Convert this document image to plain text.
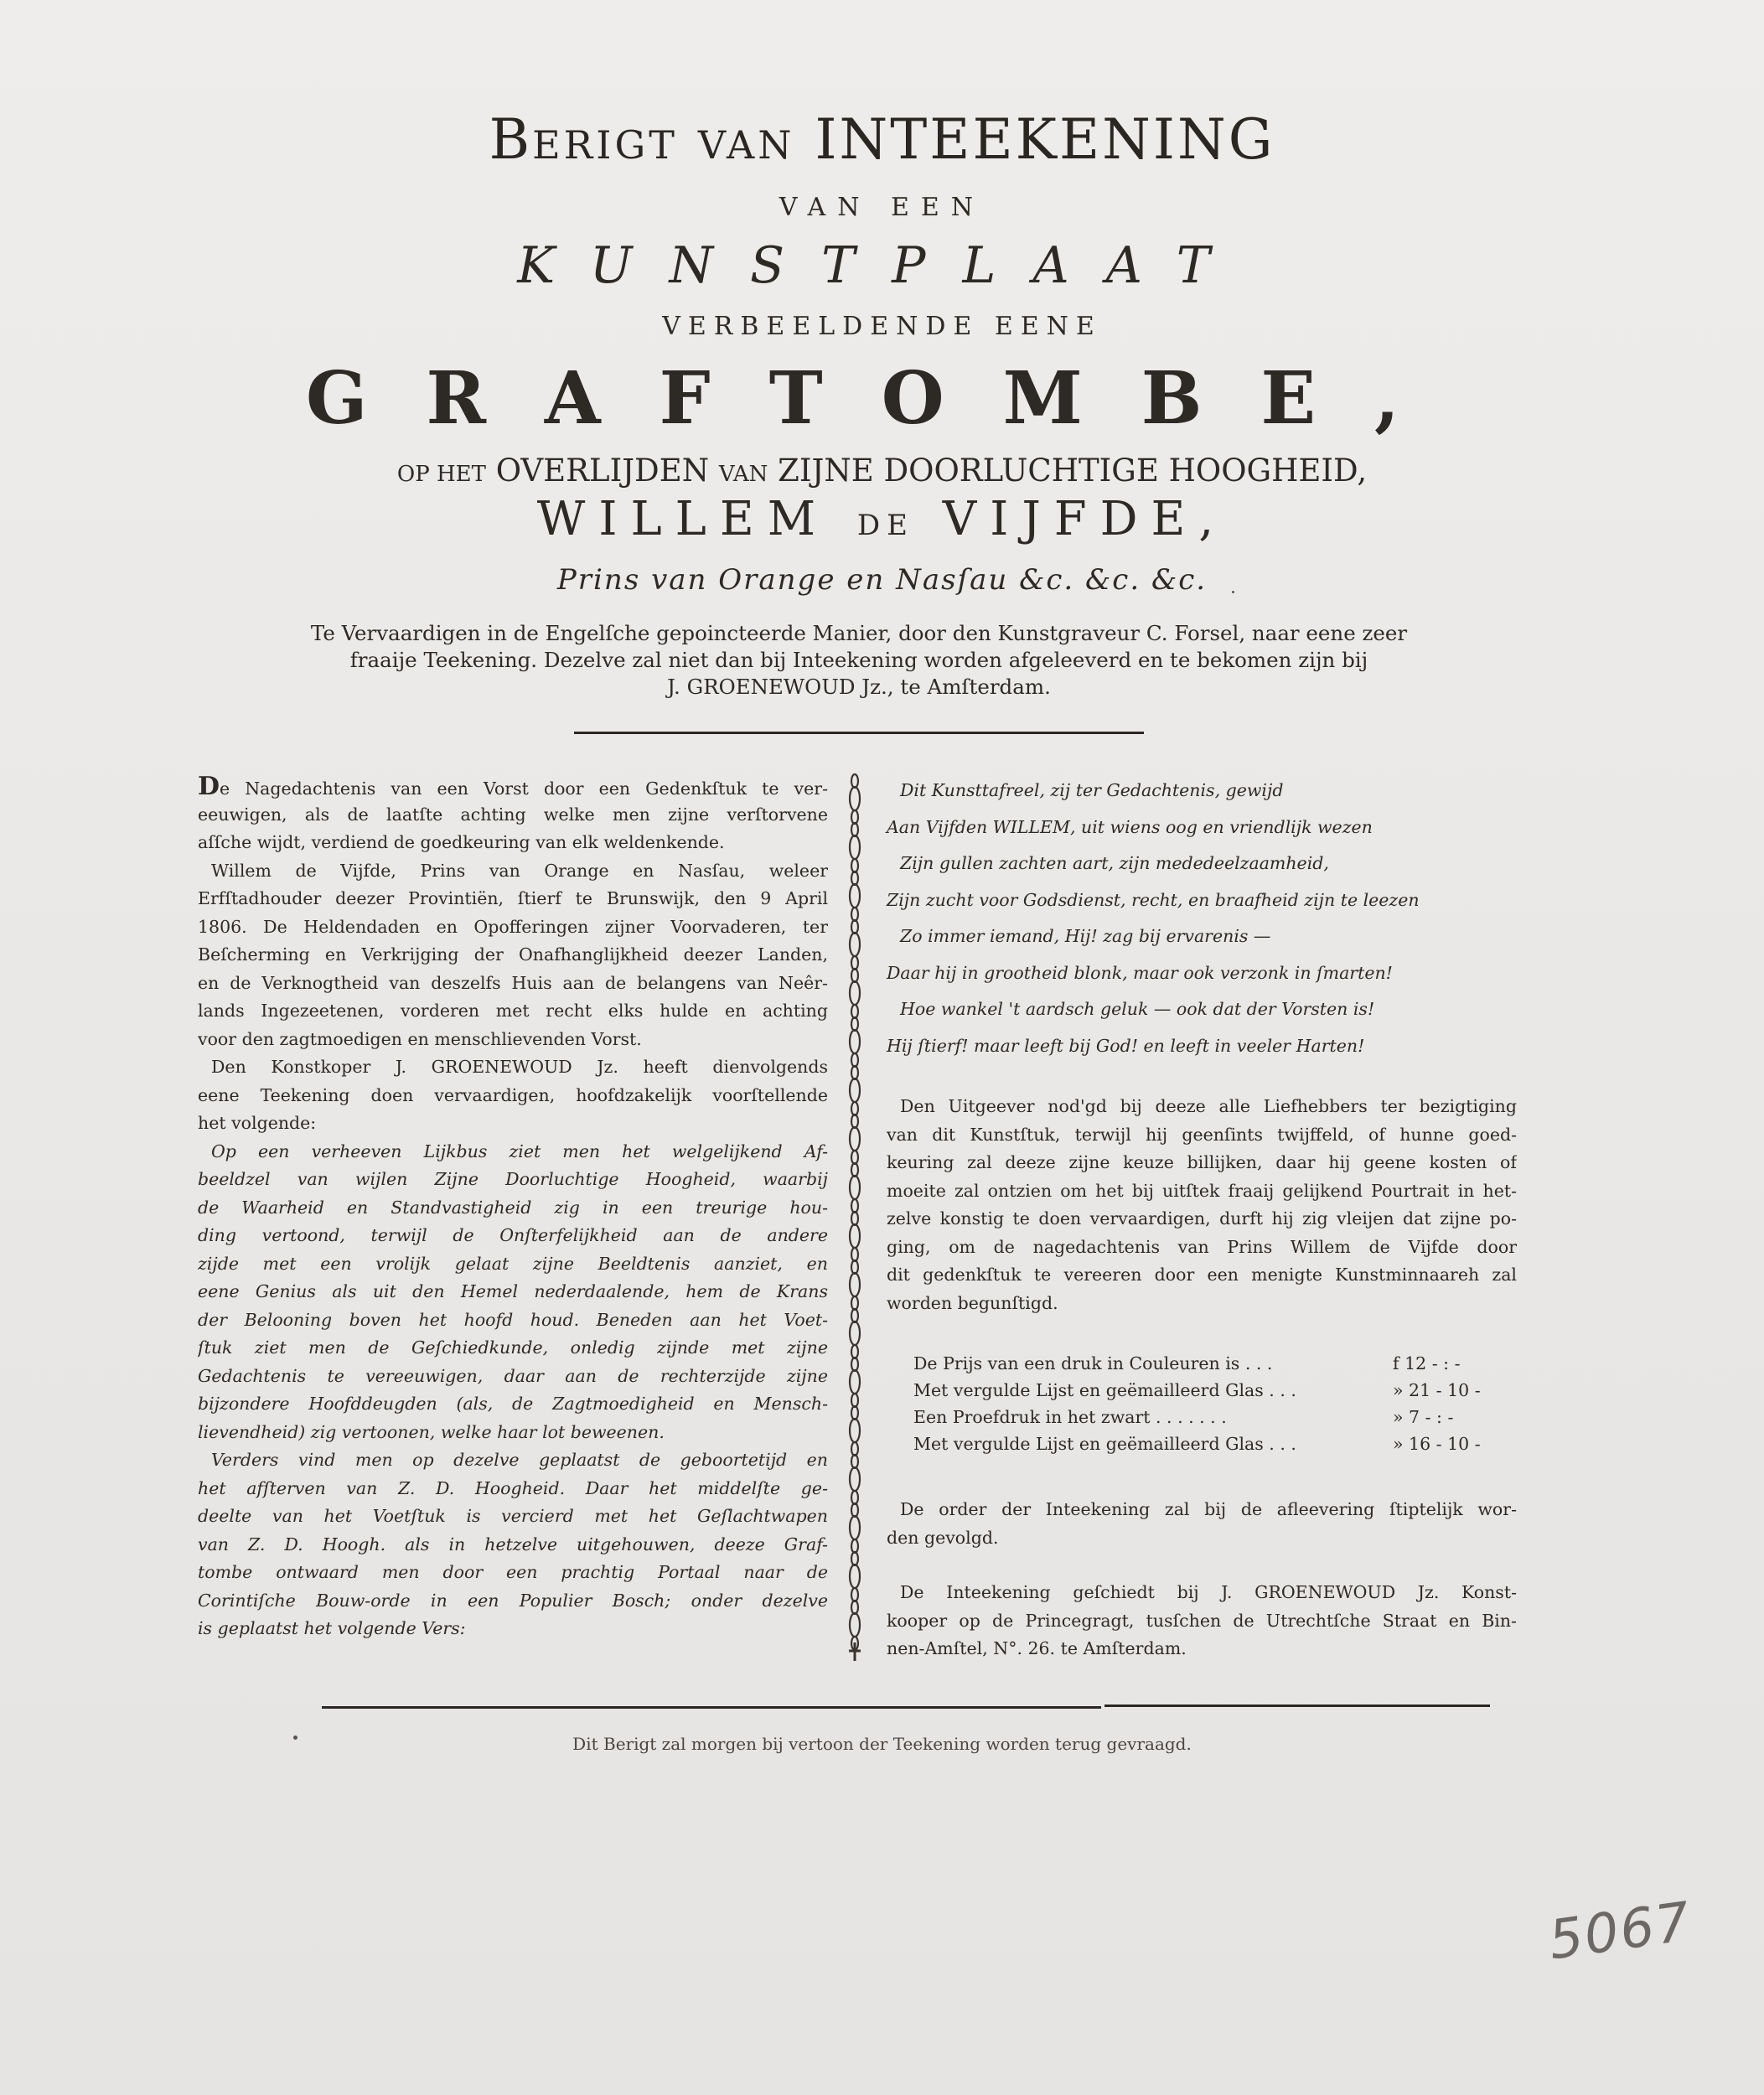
BERIGT VAN INTEEKENING
VAN EEN
KUNSTPLAAT
VERBEELDENDE EENE
GRAFTOMBE,
OP HET OVERLIJDEN VAN ZIJNE DOORLUCHTIGE HOOGHEID,
WILLEM DE VIJFDE,
Prins van Orange en Nasſau &c. &c. &c.
Te Vervaardigen in de Engelſche gepoincteerde Manier, door den Kunstgraveur C. Forsel, naar eene zeer
fraaije Teekening. Dezelve zal niet dan bij Inteekening worden afgeleeverd en te bekomen zijn bij
J. GROENEWOUD Jz., te Amſterdam.
De Nagedachtenis van een Vorst door een Gedenkſtuk te ver-
eeuwigen, als de laatſte achting welke men zijne verſtorvene
aſſche wijdt, verdiend de goedkeuring van elk weldenkende.
Willem de Vijfde, Prins van Orange en Nasſau, weleer
Erfſtadhouder deezer Provintiën, ſtierf te Brunswijk, den 9 April
1806. De Heldendaden en Opofferingen zijner Voorvaderen, ter
Beſcherming en Verkrijging der Onafhanglijkheid deezer Landen,
en de Verknogtheid van deszelfs Huis aan de belangens van Neêr-
lands Ingezeetenen, vorderen met recht elks hulde en achting
voor den zagtmoedigen en menschlievenden Vorst.
Den Konstkoper J. GROENEWOUD Jz. heeft dienvolgends
eene Teekening doen vervaardigen, hoofdzakelijk voorſtellende
het volgende:
Op een verheeven Lijkbus ziet men het welgelijkend Af-
beeldzel van wijlen Zijne Doorluchtige Hoogheid, waarbij
de Waarheid en Standvastigheid zig in een treurige hou-
ding vertoond, terwijl de Onſterfelijkheid aan de andere
zijde met een vrolijk gelaat zijne Beeldtenis aanziet, en
eene Genius als uit den Hemel nederdaalende, hem de Krans
der Belooning boven het hoofd houd. Beneden aan het Voet-
ſtuk ziet men de Geſchiedkunde, onledig zijnde met zijne
Gedachtenis te vereeuwigen, daar aan de rechterzijde zijne
bijzondere Hoofddeugden (als, de Zagtmoedigheid en Mensch-
lievendheid) zig vertoonen, welke haar lot beweenen.
Verders vind men op dezelve geplaatst de geboortetijd en
het afſterven van Z. D. Hoogheid. Daar het middelſte ge-
deelte van het Voetſtuk is vercierd met het Geſlachtwapen
van Z. D. Hoogh. als in hetzelve uitgehouwen, deeze Graf-
tombe ontwaard men door een prachtig Portaal naar de
Corintiſche Bouw-orde in een Populier Bosch; onder dezelve
is geplaatst het volgende Vers:
Dit Kunsttafreel, zij ter Gedachtenis, gewijd
Aan Vijfden WILLEM, uit wiens oog en vriendlijk wezen
Zijn gullen zachten aart, zijn mededeelzaamheid,
Zijn zucht voor Godsdienst, recht, en braafheid zijn te leezen
Zo immer iemand, Hij! zag bij ervarenis —
Daar hij in grootheid blonk, maar ook verzonk in ſmarten!
Hoe wankel 't aardsch geluk — ook dat der Vorsten is!
Hij ſtierf! maar leeft bij God! en leeft in veeler Harten!
Den Uitgeever nod'gd bij deeze alle Liefhebbers ter bezigtiging
van dit Kunstſtuk, terwijl hij geenſints twijffeld, of hunne goed-
keuring zal deeze zijne keuze billijken, daar hij geene kosten of
moeite zal ontzien om het bij uitſtek fraaij gelijkend Pourtrait in het-
zelve konstig te doen vervaardigen, durft hij zig vleijen dat zijne po-
ging, om de nagedachtenis van Prins Willem de Vijfde door
dit gedenkſtuk te vereeren door een menigte Kunstminnaareh zal
worden begunſtigd.
De Prijs van een druk in Couleuren is . . .	f 12 - : -
Met vergulde Lijst en geëmailleerd Glas . . .	» 21 - 10 -
Een Proefdruk in het zwart . . . . . . .	» 7 - : -
Met vergulde Lijst en geëmailleerd Glas . . .	» 16 - 10 -
De order der Inteekening zal bij de afleevering ſtiptelijk wor-
den gevolgd.
De Inteekening geſchiedt bij J. GROENEWOUD Jz. Konst-
kooper op de Princegragt, tusſchen de Utrechtſche Straat en Bin-
nen-Amſtel, N°. 26. te Amſterdam.
Dit Berigt zal morgen bij vertoon der Teekening worden terug gevraagd.
5067
